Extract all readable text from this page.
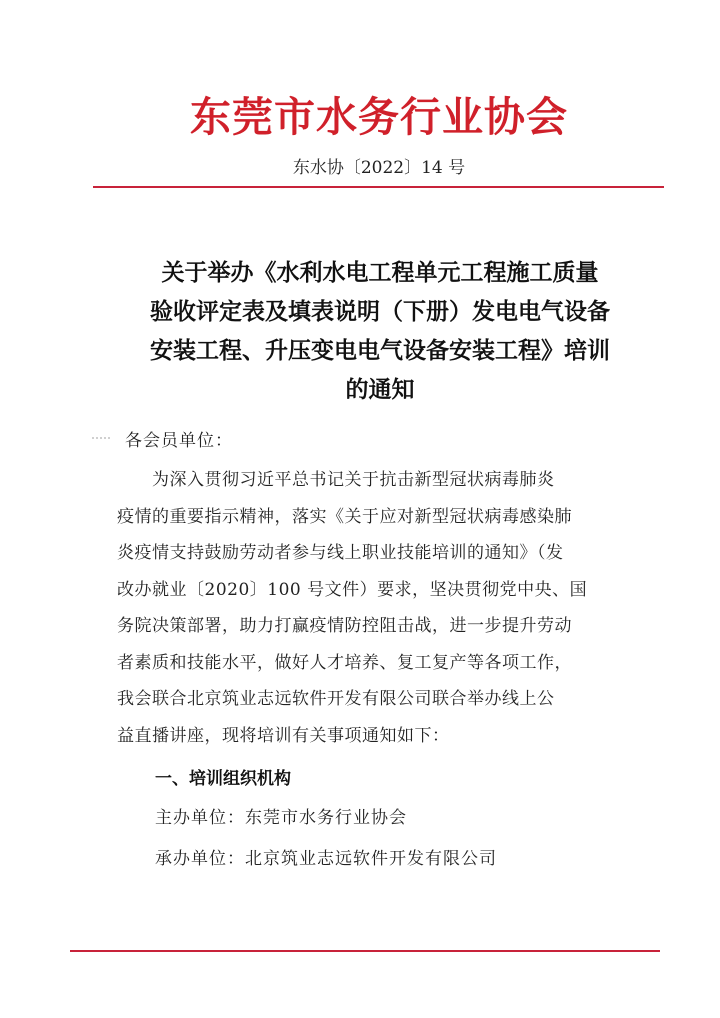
东莞市水务行业协会
东水协〔2022〕14 号
关于举办《水利水电工程单元工程施工质量
验收评定表及填表说明（下册）发电电气设备
安装工程、升压变电电气设备安装工程》培训
的通知
各会员单位：
　　为深入贯彻习近平总书记关于抗击新型冠状病毒肺炎
疫情的重要指示精神，落实《关于应对新型冠状病毒感染肺
炎疫情支持鼓励劳动者参与线上职业技能培训的通知》（发
改办就业〔2020〕100 号文件）要求，坚决贯彻党中央、国
务院决策部署，助力打赢疫情防控阻击战，进一步提升劳动
者素质和技能水平，做好人才培养、复工复产等各项工作，
我会联合北京筑业志远软件开发有限公司联合举办线上公
益直播讲座，现将培训有关事项通知如下：
一、培训组织机构
主办单位：东莞市水务行业协会
承办单位：北京筑业志远软件开发有限公司
